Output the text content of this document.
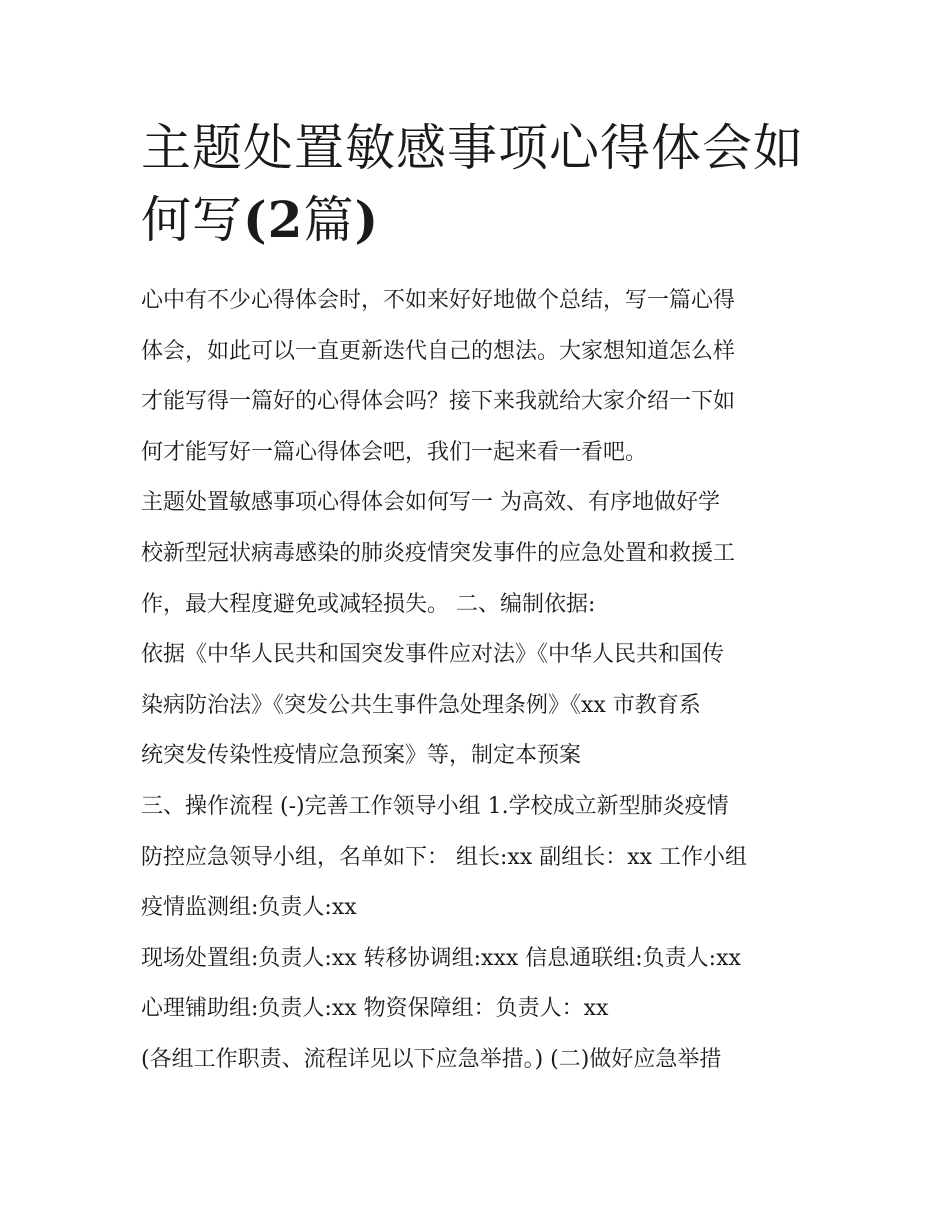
主题处置敏感事项心得体会如
何写(2篇)
心中有不少心得体会时，不如来好好地做个总结，写一篇心得
体会，如此可以一直更新迭代自己的想法。大家想知道怎么样
才能写得一篇好的心得体会吗？接下来我就给大家介绍一下如
何才能写好一篇心得体会吧，我们一起来看一看吧。
主题处置敏感事项心得体会如何写一 为高效、有序地做好学
校新型冠状病毒感染的肺炎疫情突发事件的应急处置和救援工
作，最大程度避免或减轻损失。 二、编制依据:
依据《中华人民共和国突发事件应对法》《中华人民共和国传
染病防治法》《突发公共生事件急处理条例》《xx 市教育系
统突发传染性疫情应急预案》等，制定本预案
三、操作流程 (-)完善工作领导小组 1.学校成立新型肺炎疫情
防控应急领导小组，名单如下： 组长:xx 副组长：xx 工作小组
疫情监测组:负责人:xx
现场处置组:负责人:xx 转移协调组:xxx 信息通联组:负责人:xx
心理铺助组:负责人:xx 物资保障组：负责人：xx
(各组工作职责、流程详见以下应急举措。) (二)做好应急举措
